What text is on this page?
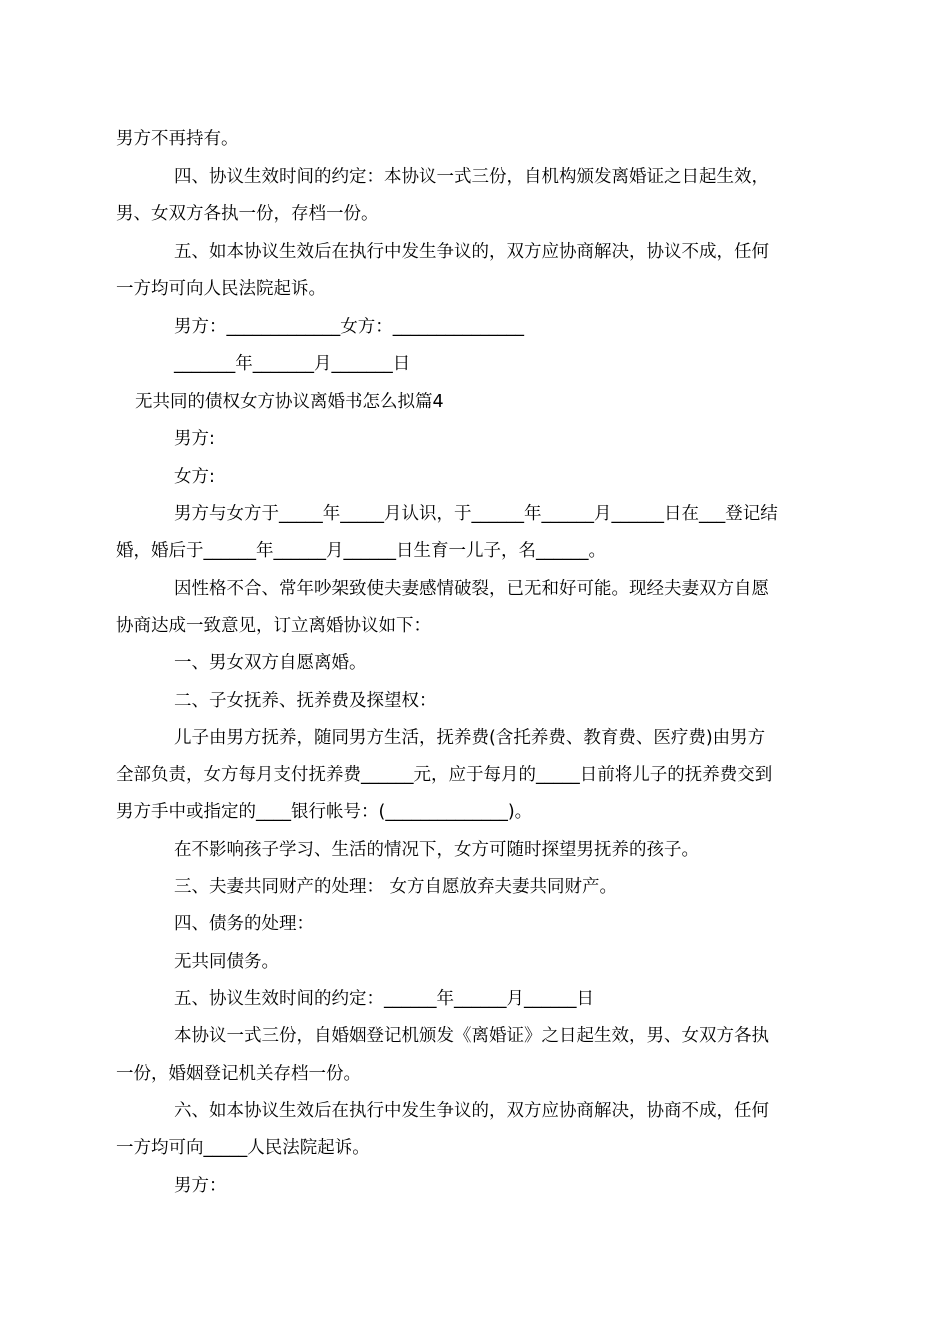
男方不再持有。
四、协议生效时间的约定：本协议一式三份，自机构颁发离婚证之日起生效，
男、女双方各执一份，存档一份。
五、如本协议生效后在执行中发生争议的，双方应协商解决，协议不成，任何
一方均可向人民法院起诉。
男方：_____________女方：_______________
_______年_______月_______日
无共同的债权女方协议离婚书怎么拟篇4
男方:
女方:
男方与女方于_____年_____月认识，于______年______月______日在___登记结
婚，婚后于______年______月______日生育一儿子，名______。
因性格不合、常年吵架致使夫妻感情破裂，已无和好可能。现经夫妻双方自愿
协商达成一致意见，订立离婚协议如下：
一、男女双方自愿离婚。
二、子女抚养、抚养费及探望权：
儿子由男方抚养，随同男方生活，抚养费(含托养费、教育费、医疗费)由男方
全部负责，女方每月支付抚养费______元，应于每月的_____日前将儿子的抚养费交到
男方手中或指定的____银行帐号：(______________)。
在不影响孩子学习、生活的情况下，女方可随时探望男抚养的孩子。
三、夫妻共同财产的处理： 女方自愿放弃夫妻共同财产。
四、债务的处理：
无共同债务。
五、协议生效时间的约定：______年______月______日
本协议一式三份，自婚姻登记机颁发《离婚证》之日起生效，男、女双方各执
一份，婚姻登记机关存档一份。
六、如本协议生效后在执行中发生争议的，双方应协商解决，协商不成，任何
一方均可向_____人民法院起诉。
男方：
